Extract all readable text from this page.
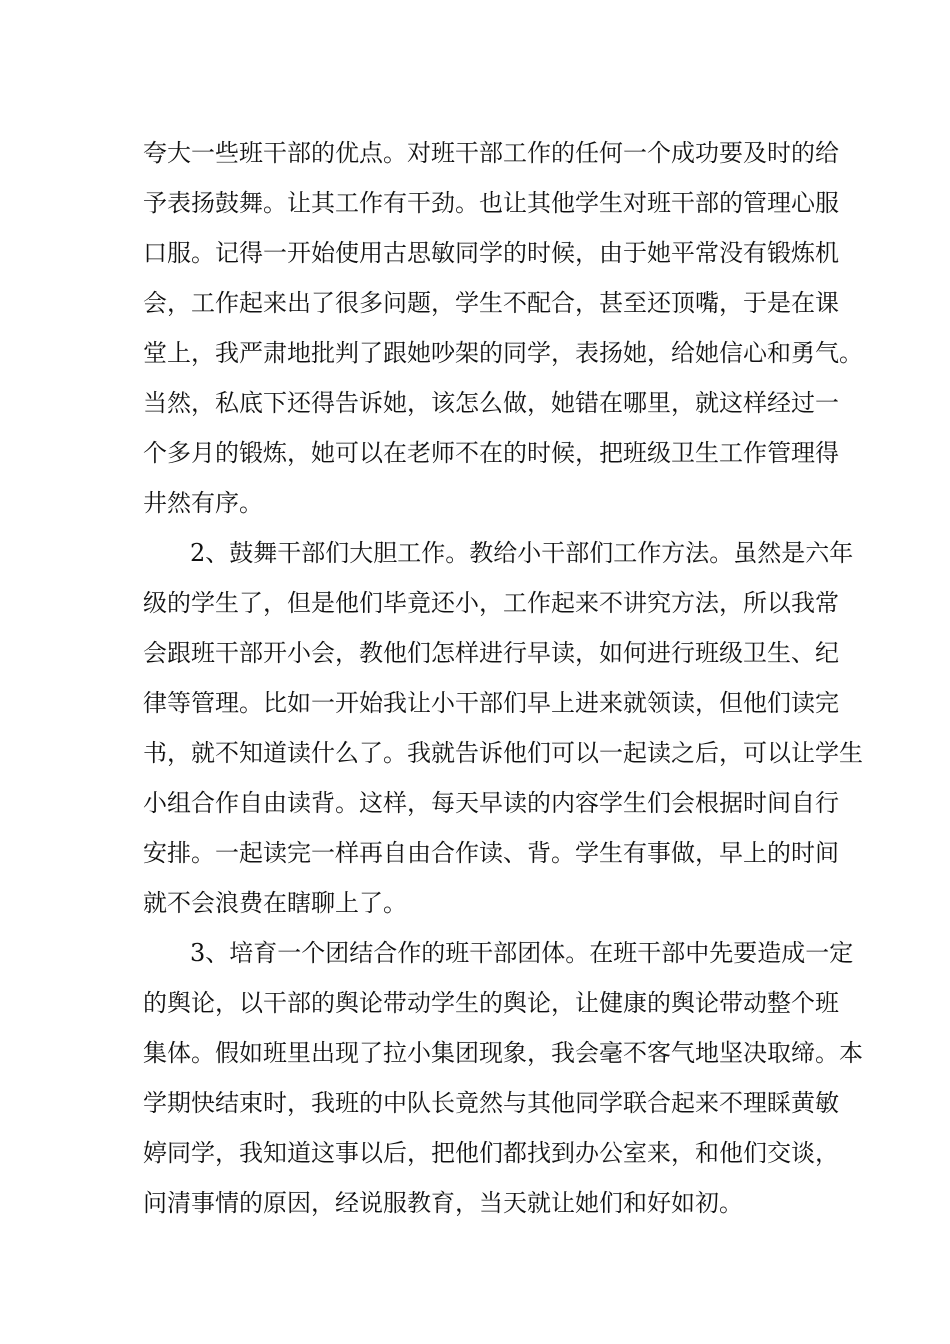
夸大一些班干部的优点。对班干部工作的任何一个成功要及时的给
予表扬鼓舞。让其工作有干劲。也让其他学生对班干部的管理心服
口服。记得一开始使用古思敏同学的时候，由于她平常没有锻炼机
会，工作起来出了很多问题，学生不配合，甚至还顶嘴，于是在课
堂上，我严肃地批判了跟她吵架的同学，表扬她，给她信心和勇气。
当然，私底下还得告诉她，该怎么做，她错在哪里，就这样经过一
个多月的锻炼，她可以在老师不在的时候，把班级卫生工作管理得
井然有序。
2、鼓舞干部们大胆工作。教给小干部们工作方法。虽然是六年
级的学生了，但是他们毕竟还小，工作起来不讲究方法，所以我常
会跟班干部开小会，教他们怎样进行早读，如何进行班级卫生、纪
律等管理。比如一开始我让小干部们早上进来就领读，但他们读完
书，就不知道读什么了。我就告诉他们可以一起读之后，可以让学生
小组合作自由读背。这样，每天早读的内容学生们会根据时间自行
安排。一起读完一样再自由合作读、背。学生有事做，早上的时间
就不会浪费在瞎聊上了。
3、培育一个团结合作的班干部团体。在班干部中先要造成一定
的舆论，以干部的舆论带动学生的舆论，让健康的舆论带动整个班
集体。假如班里出现了拉小集团现象，我会毫不客气地坚决取缔。本
学期快结束时，我班的中队长竟然与其他同学联合起来不理睬黄敏
婷同学，我知道这事以后，把他们都找到办公室来，和他们交谈，
问清事情的原因，经说服教育，当天就让她们和好如初。
